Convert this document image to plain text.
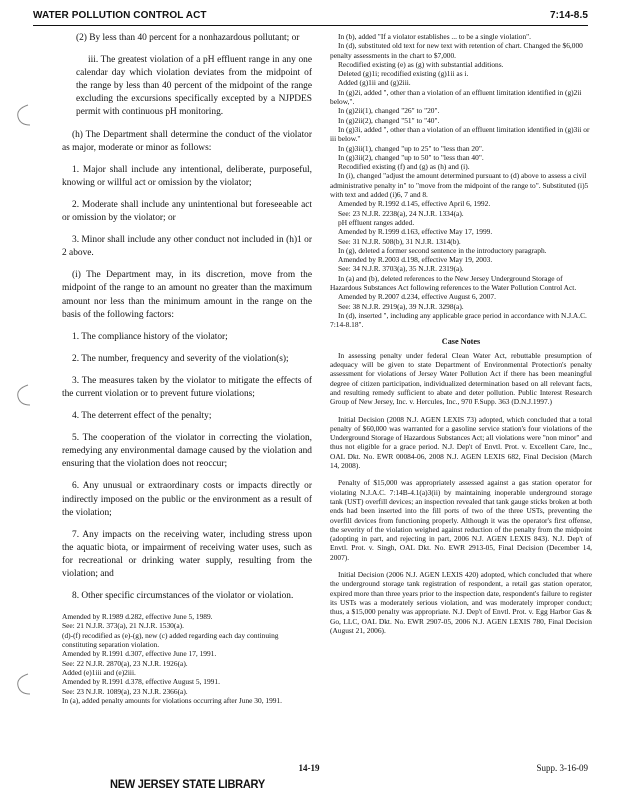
WATER POLLUTION CONTROL ACT	7:14-8.5

(2) By less than 40 percent for a nonhazardous pollutant; or

iii. The greatest violation of a pH effluent range in any one calendar day which violation deviates from the midpoint of the range by less than 40 percent of the midpoint of the range excluding the excursions specifically excepted by a NJPDES permit with continuous pH monitoring.

(h) The Department shall determine the conduct of the violator as major, moderate or minor as follows:

1. Major shall include any intentional, deliberate, purposeful, knowing or willful act or omission by the violator;

2. Moderate shall include any unintentional but foreseeable act or omission by the violator; or

3. Minor shall include any other conduct not included in (h)1 or 2 above.

(i) The Department may, in its discretion, move from the midpoint of the range to an amount no greater than the maximum amount nor less than the minimum amount in the range on the basis of the following factors:

1. The compliance history of the violator;

2. The number, frequency and severity of the violation(s);

3. The measures taken by the violator to mitigate the effects of the current violation or to prevent future violations;

4. The deterrent effect of the penalty;

5. The cooperation of the violator in correcting the violation, remedying any environmental damage caused by the violation and ensuring that the violation does not reoccur;

6. Any unusual or extraordinary costs or impacts directly or indirectly imposed on the public or the environment as a result of the violation;

7. Any impacts on the receiving water, including stress upon the aquatic biota, or impairment of receiving water uses, such as for recreational or drinking water supply, resulting from the violation; and

8. Other specific circumstances of the violator or violation.

Amended by R.1989 d.282, effective June 5, 1989.

See: 21 N.J.R. 373(a), 21 N.J.R. 1530(a).

(d)-(f) recodified as (e)-(g), new (c) added regarding each day continuing constituting separation violation.

Amended by R.1991 d.307, effective June 17, 1991.

See: 22 N.J.R. 2870(a), 23 N.J.R. 1926(a).

Added (e)1iii and (e)2iii.

Amended by R.1991 d.378, effective August 5, 1991.

See: 23 N.J.R. 1089(a), 23 N.J.R. 2366(a).

In (a), added penalty amounts for violations occurring after June 30, 1991.

In (b), added "If a violator establishes ... to be a single violation".

In (d), substituted old text for new text with retention of chart. Changed the $6,000 penalty assessments in the chart to $7,000.

Recodified existing (e) as (g) with substantial additions.

Deleted (g)1i; recodified existing (g)1ii as i.

Added (g)1ii and (g)2iii.

In (g)2i, added ", other than a violation of an effluent limitation identified in (g)2ii below,".

In (g)2ii(1), changed "26" to "20".

In (g)2ii(2), changed "51" to "40".

In (g)3i, added ", other than a violation of an effluent limitation identified in (g)3ii or iii below."

In (g)3ii(1), changed "up to 25" to "less than 20".

In (g)3ii(2), changed "up to 50" to "less than 40".

Recodified existing (f) and (g) as (h) and (i).

In (i), changed "adjust the amount determined pursuant to (d) above to assess a civil administrative penalty in" to "move from the midpoint of the range to". Substituted (i)5 with text and added (i)6, 7 and 8.

Amended by R.1992 d.145, effective April 6, 1992.

See: 23 N.J.R. 2238(a), 24 N.J.R. 1334(a).

pH effluent ranges added.

Amended by R.1999 d.163, effective May 17, 1999.

See: 31 N.J.R. 508(b), 31 N.J.R. 1314(b).

In (g), deleted a former second sentence in the introductory paragraph.

Amended by R.2003 d.198, effective May 19, 2003.

See: 34 N.J.R. 3703(a), 35 N.J.R. 2319(a).

In (a) and (b), deleted references to the New Jersey Underground Storage of Hazardous Substances Act following references to the Water Pollution Control Act.

Amended by R.2007 d.234, effective August 6, 2007.

See: 38 N.J.R. 2919(a), 39 N.J.R. 3298(a).

In (d), inserted ", including any applicable grace period in accordance with N.J.A.C. 7:14-8.18".

Case Notes

In assessing penalty under federal Clean Water Act, rebuttable presumption of adequacy will be given to state Department of Environmental Protection's penalty assessment for violations of Jersey Water Pollution Act if there has been meaningful degree of citizen participation, individualized determination based on all relevant facts, and resulting remedy sufficient to abate and deter pollution. Public Interest Research Group of New Jersey, Inc. v. Hercules, Inc., 970 F.Supp. 363 (D.N.J.1997.)

Initial Decision (2008 N.J. AGEN LEXIS 73) adopted, which concluded that a total penalty of $60,000 was warranted for a gasoline service station's four violations of the Underground Storage of Hazardous Substances Act; all violations were "non minor" and thus not eligible for a grace period. N.J. Dep't of Envtl. Prot. v. Excellent Care, Inc., OAL Dkt. No. EWR 00084-06, 2008 N.J. AGEN LEXIS 682, Final Decision (March 14, 2008).

Penalty of $15,000 was appropriately assessed against a gas station operator for violating N.J.A.C. 7:14B-4.1(a)3(ii) by maintaining inoperable underground storage tank (UST) overfill devices; an inspection revealed that tank gauge sticks broken at both ends had been inserted into the fill ports of two of the three USTs, preventing the overfill devices from functioning properly. Although it was the operator's first offense, the severity of the violation weighed against reduction of the penalty from the midpoint (adopting in part, and rejecting in part, 2006 N.J. AGEN LEXIS 843). N.J. Dep't of Envtl. Prot. v. Singh, OAL Dkt. No. EWR 2913-05, Final Decision (December 14, 2007).

Initial Decision (2006 N.J. AGEN LEXIS 420) adopted, which concluded that where the underground storage tank registration of respondent, a retail gas station operator, expired more than three years prior to the inspection date, respondent's failure to register its USTs was a moderately serious violation, and was moderately improper conduct; thus, a $15,000 penalty was appropriate. N.J. Dep't of Envtl. Prot. v. Egg Harbor Gas & Go, LLC, OAL Dkt. No. EWR 2907-05, 2006 N.J. AGEN LEXIS 780, Final Decision (August 21, 2006).

14-19	Supp. 3-16-09
NEW JERSEY STATE LIBRARY
